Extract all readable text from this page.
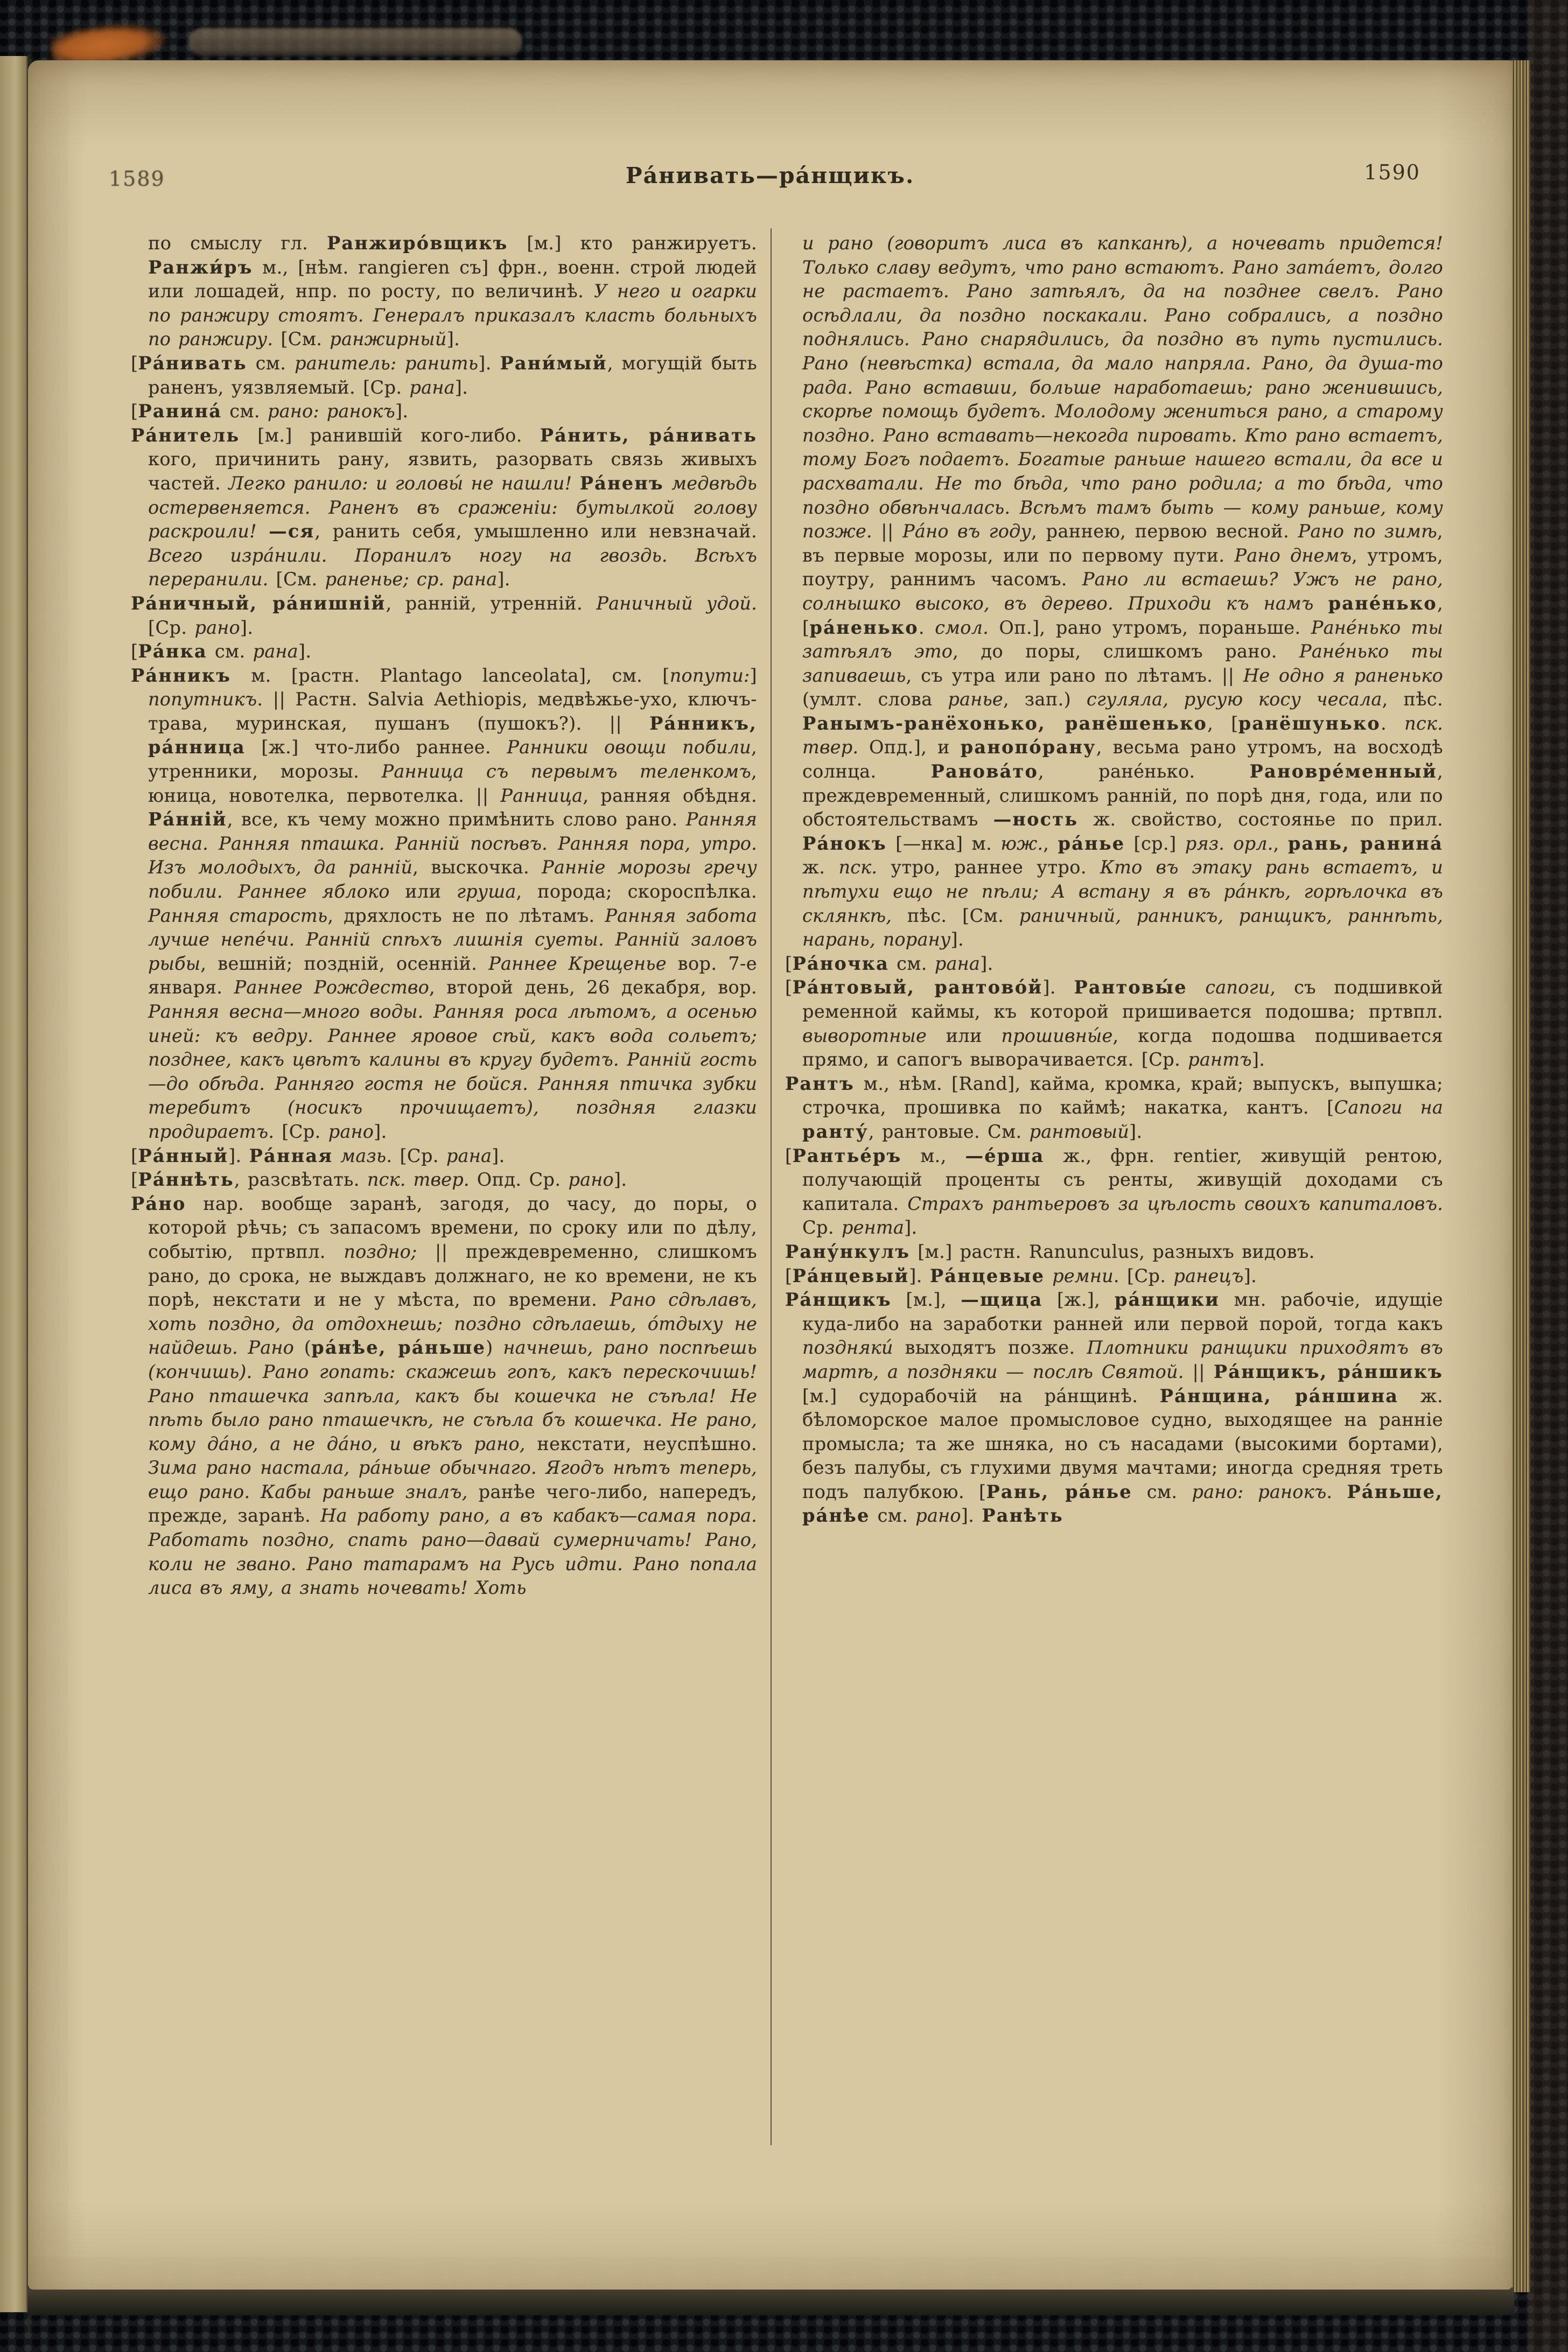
1589	Ра́нивать—ра́нщикъ.	1590

по смыслу гл. Ранжиро́вщикъ [м.] кто ранжируетъ. Ранжи́ръ м., [нѣм. rangieren съ] фрн., военн. строй людей или лошадей, нпр. по росту, по величинѣ. У него и огарки по ранжиру стоятъ. Генералъ приказалъ класть больныхъ по ранжиру. [См. ранжирный].

[Ра́нивать см. ранитель: ранить]. Рани́мый, могущій быть раненъ, уязвляемый. [Ср. рана].

[Ранина́ см. рано: ранокъ].

Ра́нитель [м.] ранившій кого-либо. Ра́нить, ра́нивать кого, причинить рану, язвить, разорвать связь живыхъ частей. Легко ранило: и головы́ не нашли! Ра́ненъ медвѣдь остервеняется. Раненъ въ сраженіи: бутылкой голову раскроили! —ся, ранить себя, умышленно или невзначай. Всего изра́нили. Поранилъ ногу на гвоздь. Всѣхъ переранили. [См. раненье; ср. рана].

Ра́ничный, ра́нишній, ранній, утренній. Раничный удой. [Ср. рано].

[Ра́нка см. рана].

Ра́нникъ м. [растн. Plantago lanceolata], см. [попути:] попутникъ. || Растн. Salvia Aethiopis, медвѣжье-ухо, ключъ-трава, муринская, пушанъ (пушокъ?). || Ра́нникъ, ра́нница [ж.] что-либо раннее. Ранники овощи побили, утренники, морозы. Ранница съ первымъ теленкомъ, юница, новотелка, первотелка. || Ранница, ранняя обѣдня. Ра́нній, все, къ чему можно примѣнить слово рано. Ранняя весна. Ранняя пташка. Ранній посѣвъ. Ранняя пора, утро. Изъ молодыхъ, да ранній, выскочка. Ранніе морозы гречу побили. Раннее яблоко или груша, порода; скороспѣлка. Ранняя старость, дряхлость не по лѣтамъ. Ранняя забота лучше непе́чи. Ранній спѣхъ лишнія суеты. Ранній заловъ рыбы, вешній; поздній, осенній. Раннее Крещенье вор. 7-е января. Раннее Рождество, второй день, 26 декабря, вор. Ранняя весна—много воды. Ранняя роса лѣтомъ, а осенью иней: къ ведру. Раннее яровое сѣй, какъ вода сольетъ; позднее, какъ цвѣтъ калины въ кругу будетъ. Ранній гость—до обѣда. Ранняго гостя не бойся. Ранняя птичка зубки теребитъ (носикъ прочищаетъ), поздняя глазки продираетъ. [Ср. рано].

[Ра́нный]. Ра́нная мазь. [Ср. рана].

[Ра́ннѣть, разсвѣтать. пск. твер. Опд. Ср. рано].

Ра́но нар. вообще заранѣ, загодя, до часу, до поры, о которой рѣчь; съ запасомъ времени, по сроку или по дѣлу, событію, пртвпл. поздно; || преждевременно, слишкомъ рано, до срока, не выждавъ должнаго, не ко времени, не къ порѣ, некстати и не у мѣста, по времени. Рано сдѣлавъ, хоть поздно, да отдохнешь; поздно сдѣлаешь, о́тдыху не найдешь. Рано (ра́нѣе, ра́ньше) начнешь, рано поспѣешь (кончишь). Рано гопать: скажешь гопъ, какъ перескочишь! Рано пташечка запѣла, какъ бы кошечка не съѣла! Не пѣть было рано пташечкѣ, не съѣла бъ кошечка. Не рано, кому да́но, а не да́но, и вѣкъ рано, некстати, неуспѣшно. Зима рано настала, ра́ньше обычнаго. Ягодъ нѣтъ теперь, ещо рано. Кабы раньше зналъ, ранѣе чего-либо, напередъ, прежде, заранѣ. На работу рано, а въ кабакъ—самая пора. Работать поздно, спать рано—давай сумерничать! Рано, коли не звано. Рано татарамъ на Русь идти. Рано попала лиса въ яму, а знать ночевать! Хоть

и рано (говоритъ лиса въ капканѣ), а ночевать придется! Только славу ведутъ, что рано встаютъ. Рано зата́етъ, долго не растаетъ. Рано затѣялъ, да на позднее свелъ. Рано осѣдлали, да поздно поскакали. Рано собрались, а поздно поднялись. Рано снарядились, да поздно въ путь пустились. Рано (невѣстка) встала, да мало напряла. Рано, да душа-то рада. Рано вставши, больше наработаешь; рано женившись, скорѣе помощь будетъ. Молодому жениться рано, а старому поздно. Рано вставать—некогда пировать. Кто рано встаетъ, тому Богъ подаетъ. Богатые раньше нашего встали, да все и расхватали. Не то бѣда, что рано родила; а то бѣда, что поздно обвѣнчалась. Всѣмъ тамъ быть — кому раньше, кому позже. || Ра́но въ году, раннею, первою весной. Рано по зимѣ, въ первые морозы, или по первому пути. Рано днемъ, утромъ, поутру, раннимъ часомъ. Рано ли встаешь? Ужъ не рано, солнышко высоко, въ дерево. Приходи къ намъ ране́нько, [ра́ненько. смол. Оп.], рано утромъ, пораньше. Ране́нько ты затѣялъ это, до поры, слишкомъ рано. Ране́нько ты запиваешь, съ утра или рано по лѣтамъ. || Не одно я раненько (умлт. слова ранье, зап.) сгуляла, русую косу чесала, пѣс. Ранымъ-ранёхонько, ранёшенько, [ранёшунько. пск. твер. Опд.], и ранопо́рану, весьма рано утромъ, на восходѣ солнца. Ранова́то, ране́нько. Рановре́менный, преждевременный, слишкомъ ранній, по порѣ дня, года, или по обстоятельствамъ —ность ж. свойство, состоянье по прил. Ра́нокъ [—нка] м. юж., ра́нье [ср.] ряз. орл., рань, ранина́ ж. пск. утро, раннее утро. Кто въ этаку рань встаетъ, и пѣтухи ещо не пѣли; А встану я въ ра́нкѣ, горѣлочка въ склянкѣ, пѣс. [См. раничный, ранникъ, ранщикъ, раннѣть, нарань, порану].

[Ра́ночка см. рана].

[Ра́нтовый, рантово́й]. Рантовы́е сапоги, съ подшивкой ременной каймы, къ которой пришивается подошва; пртвпл. выворотные или прошивны́е, когда подошва подшивается прямо, и сапогъ выворачивается. [Ср. рантъ].

Рантъ м., нѣм. [Rand], кайма, кромка, край; выпускъ, выпушка; строчка, прошивка по каймѣ; накатка, кантъ. [Сапоги на ранту́, рантовые. См. рантовый].

[Рантье́ръ м., —е́рша ж., фрн. rentier, живущій рентою, получающій проценты съ ренты, живущій доходами съ капитала. Страхъ рантьеровъ за цѣлость своихъ капиталовъ. Ср. рента].

Рану́нкулъ [м.] растн. Ranunculus, разныхъ видовъ.

[Ра́нцевый]. Ра́нцевые ремни. [Ср. ранецъ].

Ра́нщикъ [м.], —щица [ж.], ра́нщики мн. рабочіе, идущіе куда-либо на заработки ранней или первой порой, тогда какъ поздняки́ выходятъ позже. Плотники ранщики приходятъ въ мартѣ, а поздняки — послѣ Святой. || Ра́нщикъ, ра́ншикъ [м.] судорабочій на ра́нщинѣ. Ра́нщина, ра́ншина ж. бѣломорское малое промысловое судно, выходящее на ранніе промысла; та же шняка, но съ насадами (высокими бортами), безъ палубы, съ глухими двумя мачтами; иногда средняя треть подъ палубкою. [Рань, ра́нье см. рано: ранокъ. Ра́ньше, ра́нѣе см. рано]. Ранѣть
